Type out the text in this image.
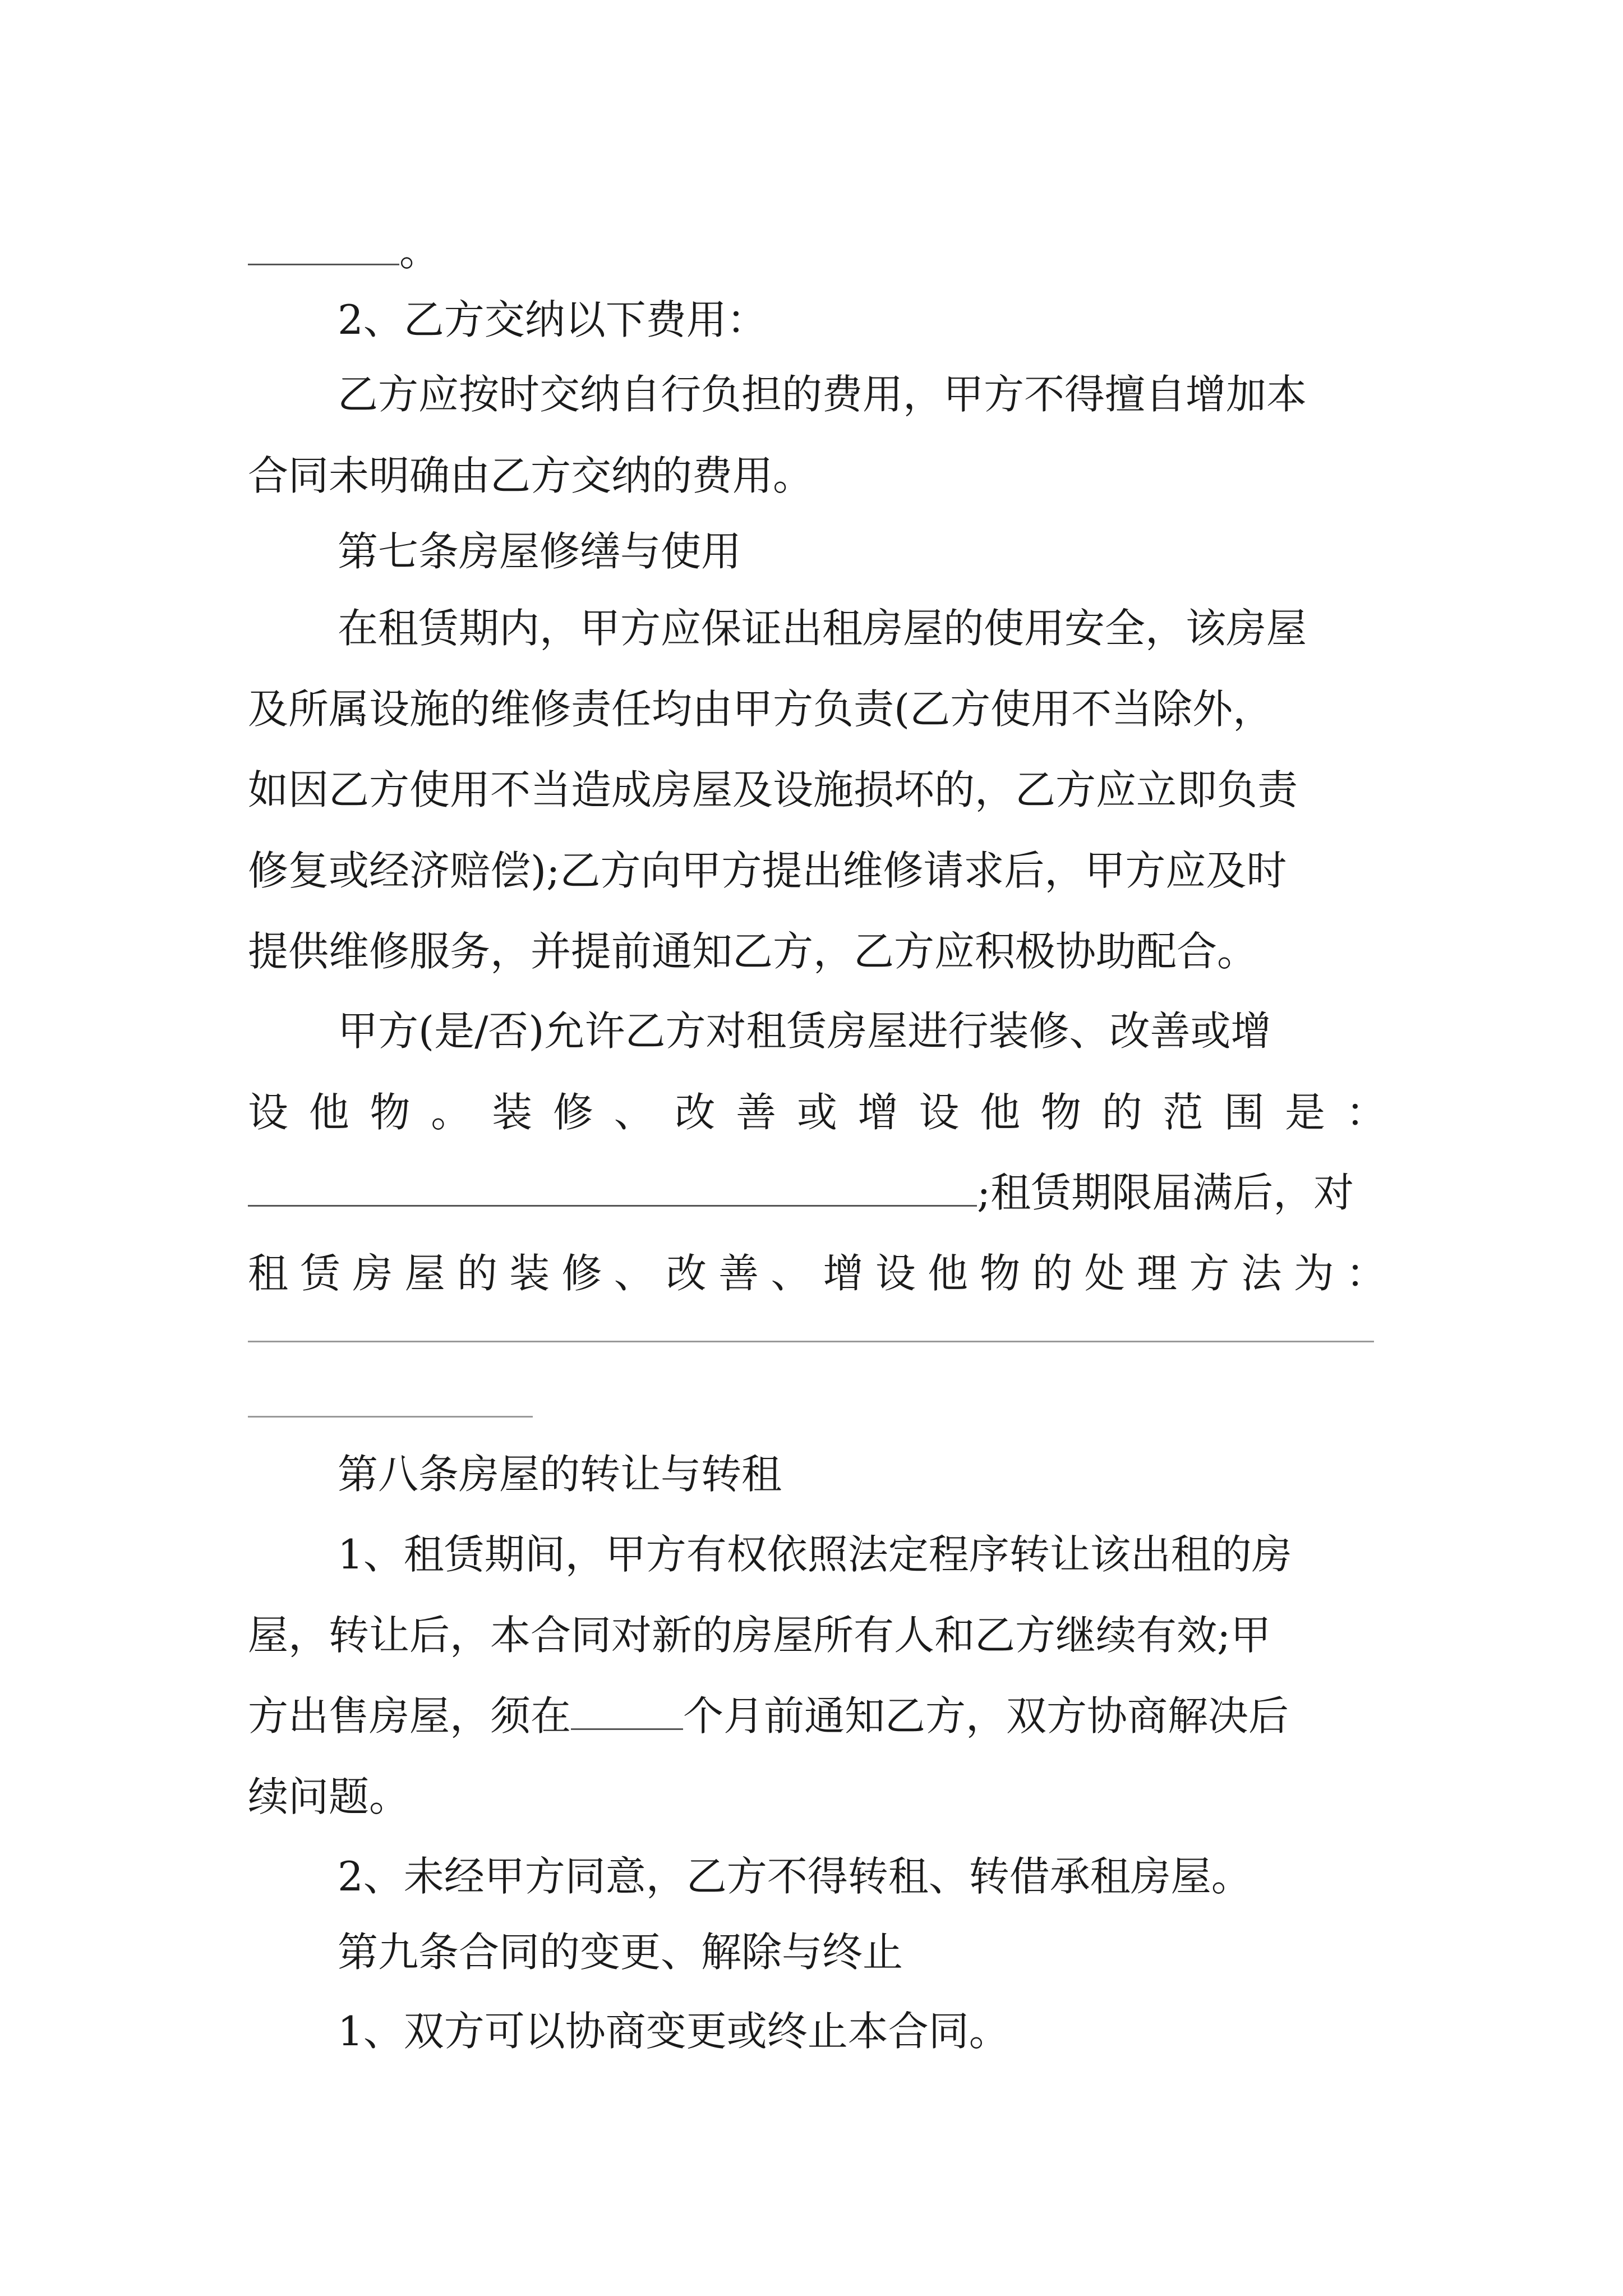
。
2、乙方交纳以下费用：
乙方应按时交纳自行负担的费用，甲方不得擅自增加本
合同未明确由乙方交纳的费用。
第七条房屋修缮与使用
在租赁期内，甲方应保证出租房屋的使用安全，该房屋
及所属设施的维修责任均由甲方负责(乙方使用不当除外，
如因乙方使用不当造成房屋及设施损坏的，乙方应立即负责
修复或经济赔偿);乙方向甲方提出维修请求后，甲方应及时
提供维修服务，并提前通知乙方，乙方应积极协助配合。
甲方(是/否)允许乙方对租赁房屋进行装修、改善或增
设 他 物 。 装 修 、 改 善 或 增 设 他 物 的 范 围 是 ：
;租赁期限届满后，对
租 赁 房 屋 的 装 修 、 改 善 、 增 设 他 物 的 处 理 方 法 为 ：
第八条房屋的转让与转租
1、租赁期间，甲方有权依照法定程序转让该出租的房
屋，转让后，本合同对新的房屋所有人和乙方继续有效;甲
方出售房屋，须在	个月前通知乙方，双方协商解决后
续问题。
2、未经甲方同意，乙方不得转租、转借承租房屋。
第九条合同的变更、解除与终止
1、双方可以协商变更或终止本合同。
